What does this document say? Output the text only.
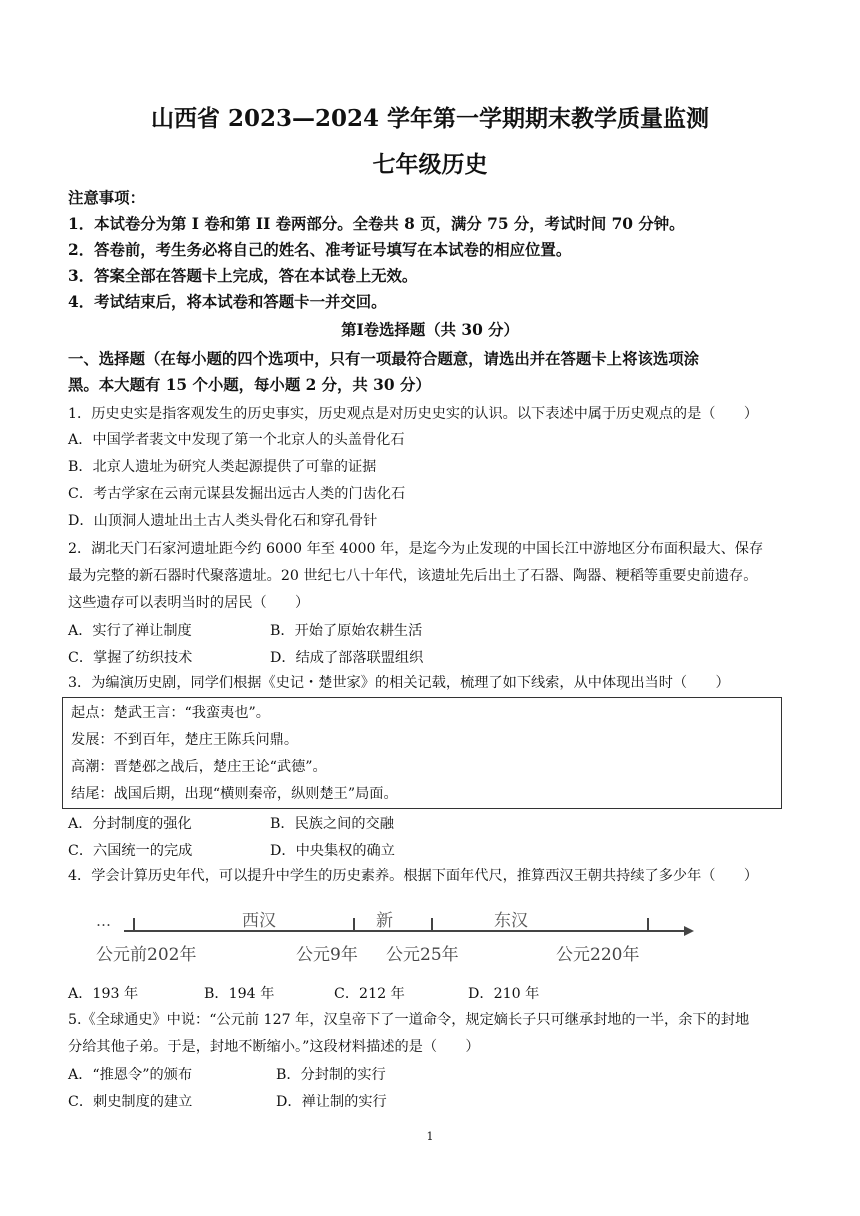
山西省 2023—2024 学年第一学期期末教学质量监测
七年级历史
注意事项：
1．本试卷分为第 I 卷和第 II 卷两部分。全卷共 8 页，满分 75 分，考试时间 70 分钟。
2．答卷前，考生务必将自己的姓名、准考证号填写在本试卷的相应位置。
3．答案全部在答题卡上完成，答在本试卷上无效。
4．考试结束后，将本试卷和答题卡一并交回。
第Ⅰ卷选择题（共 30 分）
一、选择题（在每小题的四个选项中，只有一项最符合题意，请选出并在答题卡上将该选项涂
黑。本大题有 15 个小题，每小题 2 分，共 30 分）
1．历史史实是指客观发生的历史事实，历史观点是对历史史实的认识。以下表述中属于历史观点的是（　　）
A．中国学者裴文中发现了第一个北京人的头盖骨化石
B．北京人遗址为研究人类起源提供了可靠的证据
C．考古学家在云南元谋县发掘出远古人类的门齿化石
D．山顶洞人遗址出土古人类头骨化石和穿孔骨针
2．湖北天门石家河遗址距今约 6000 年至 4000 年，是迄今为止发现的中国长江中游地区分布面积最大、保存
最为完整的新石器时代聚落遗址。20 世纪七八十年代，该遗址先后出土了石器、陶器、粳稻等重要史前遗存。
这些遗存可以表明当时的居民（　　）
A．实行了禅让制度	B．开始了原始农耕生活
C．掌握了纺织技术	D．结成了部落联盟组织
3．为编演历史剧，同学们根据《史记・楚世家》的相关记载，梳理了如下线索，从中体现出当时（　　）
起点：楚武王言：“我蛮夷也”。
发展：不到百年，楚庄王陈兵问鼎。
高潮：晋楚邲之战后，楚庄王论“武德”。
结尾：战国后期，出现“横则秦帝，纵则楚王”局面。
A．分封制度的强化	B．民族之间的交融
C．六国统一的完成	D．中央集权的确立
4．学会计算历史年代，可以提升中学生的历史素养。根据下面年代尺，推算西汉王朝共持续了多少年（　　）
…	西汉	新	东汉
公元前202年	公元9年 公元25年	公元220年
A．193 年	B．194 年	C．212 年	D．210 年
5.《全球通史》中说：“公元前 127 年，汉皇帝下了一道命令，规定嫡长子只可继承封地的一半，余下的封地
分给其他子弟。于是，封地不断缩小。”这段材料描述的是（　　）
A．“推恩令”的颁布	B．分封制的实行
C．刺史制度的建立	D．禅让制的实行
1
